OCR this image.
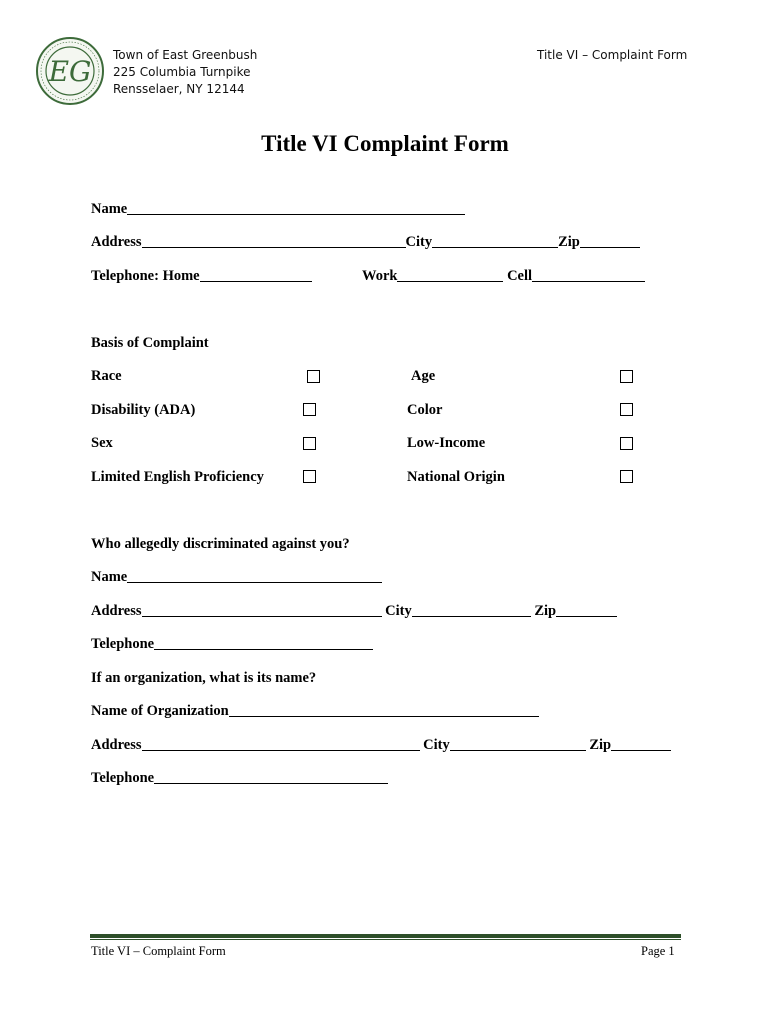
EG Town of East Greenbush
225 Columbia Turnpike
Rensselaer, NY 12144
Title VI – Complaint Form
Title VI Complaint Form
Name
Address	City	Zip
Telephone: Home	Work	Cell
Basis of Complaint
Race	Age
Disability (ADA)	Color
Sex	Low-Income
Limited English Proficiency	National Origin
Who allegedly discriminated against you?
Name
Address	City	Zip
Telephone
If an organization, what is its name?
Name of Organization
Address	City	Zip
Telephone
Title VI – Complaint Form	Page 1
